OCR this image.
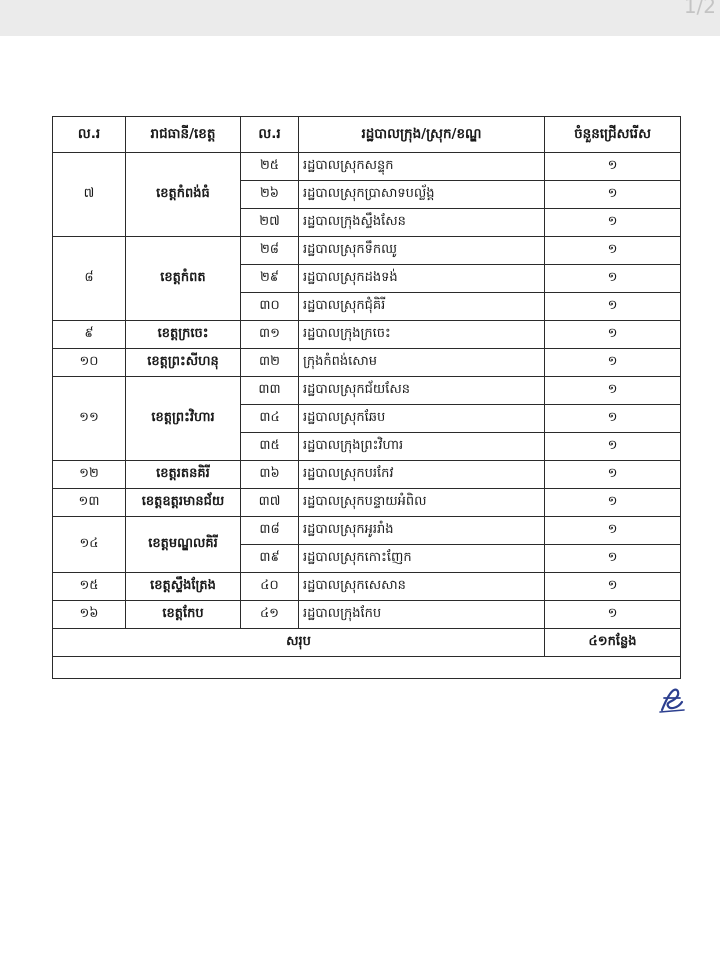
1/2
ល.រ	រាជធានី/ខេត្ត	ល.រ	រដ្ឋបាលក្រុង/ស្រុក/ខណ្ឌ	ចំនួនជ្រើសរើស
៧	ខេត្តកំពង់ធំ	២៥	រដ្ឋបាលស្រុកសន្ទុក	១
		២៦	រដ្ឋបាលស្រុកប្រាសាទបល្ល័ង្គ	១
		២៧	រដ្ឋបាលក្រុងស្ទឹងសែន	១
៨	ខេត្តកំពត	២៨	រដ្ឋបាលស្រុកទឹកឈូ	១
		២៩	រដ្ឋបាលស្រុកដងទង់	១
		៣០	រដ្ឋបាលស្រុកជុំគិរី	១
៩	ខេត្តក្រចេះ	៣១	រដ្ឋបាលក្រុងក្រចេះ	១
១០	ខេត្តព្រះសីហនុ	៣២	ក្រុងកំពង់សោម	១
១១	ខេត្តព្រះវិហារ	៣៣	រដ្ឋបាលស្រុកជ័យសែន	១
		៣៤	រដ្ឋបាលស្រុកឆែប	១
		៣៥	រដ្ឋបាលក្រុងព្រះវិហារ	១
១២	ខេត្តរតនគិរី	៣៦	រដ្ឋបាលស្រុកបរកែវ	១
១៣	ខេត្តឧត្តរមានជ័យ	៣៧	រដ្ឋបាលស្រុកបន្ទាយអំពិល	១
១៤	ខេត្តមណ្ឌលគិរី	៣៨	រដ្ឋបាលស្រុកអូររាំង	១
		៣៩	រដ្ឋបាលស្រុកកោះញែក	១
១៥	ខេត្តស្ទឹងត្រែង	៤០	រដ្ឋបាលស្រុកសេសាន	១
១៦	ខេត្តកែប	៤១	រដ្ឋបាលក្រុងកែប	១
សរុប				៤១កន្លែង
